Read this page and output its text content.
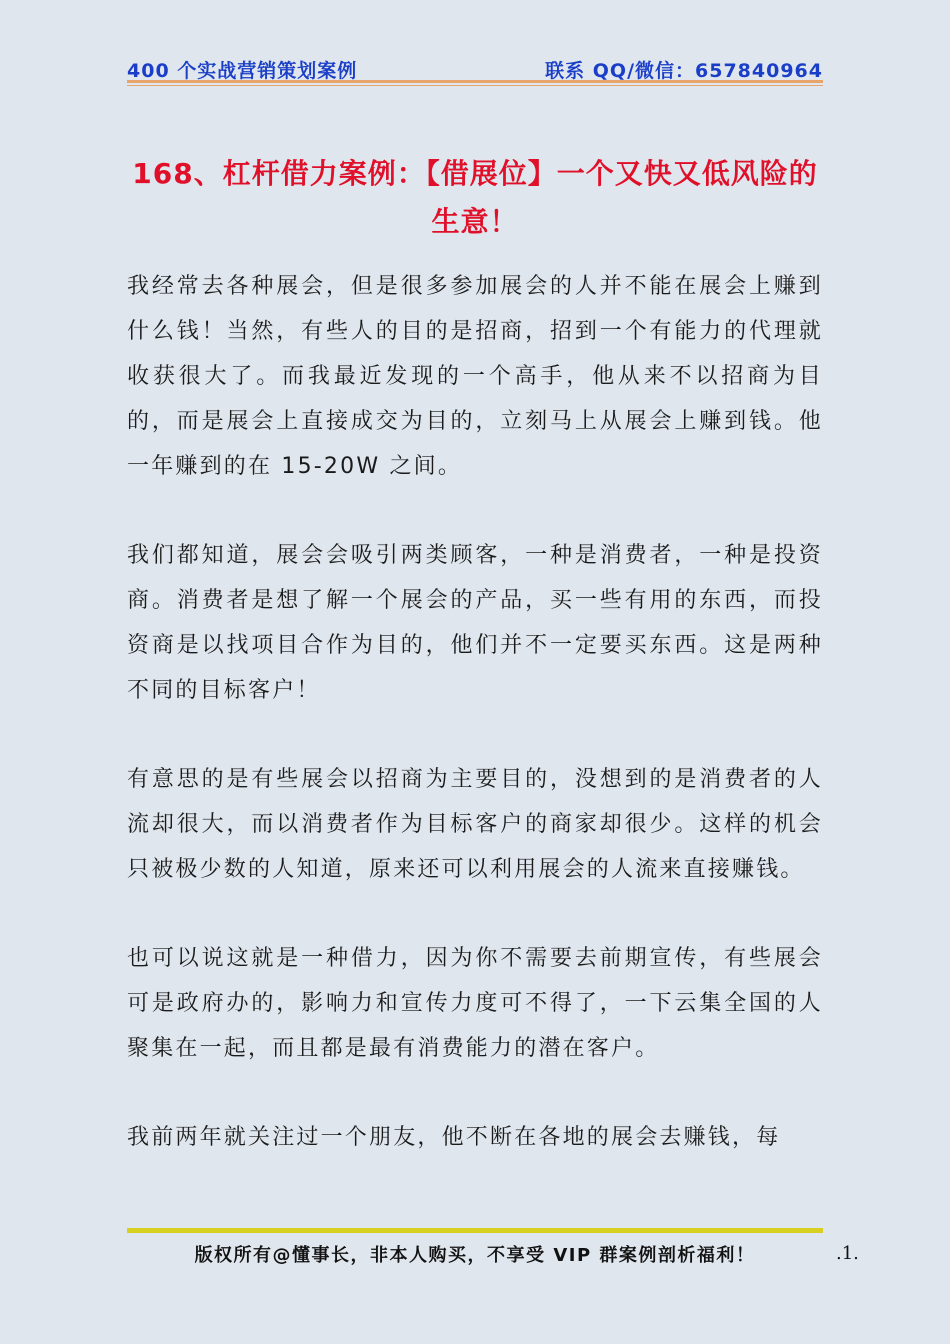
400 个实战营销策划案例	联系 QQ/微信：657840964
168、杠杆借力案例：【借展位】一个又快又低风险的生意！

我经常去各种展会，但是很多参加展会的人并不能在展会上赚到什么钱！当然，有些人的目的是招商，招到一个有能力的代理就收获很大了。而我最近发现的一个高手，他从来不以招商为目的，而是展会上直接成交为目的，立刻马上从展会上赚到钱。他一年赚到的在 15-20W 之间。

我们都知道，展会会吸引两类顾客，一种是消费者，一种是投资商。消费者是想了解一个展会的产品，买一些有用的东西，而投资商是以找项目合作为目的，他们并不一定要买东西。这是两种不同的目标客户！

有意思的是有些展会以招商为主要目的，没想到的是消费者的人流却很大，而以消费者作为目标客户的商家却很少。这样的机会只被极少数的人知道，原来还可以利用展会的人流来直接赚钱。

也可以说这就是一种借力，因为你不需要去前期宣传，有些展会可是政府办的，影响力和宣传力度可不得了，一下云集全国的人聚集在一起，而且都是最有消费能力的潜在客户。

我前两年就关注过一个朋友，他不断在各地的展会去赚钱，每

版权所有@懂事长，非本人购买，不享受 VIP 群案例剖析福利！	.1.
